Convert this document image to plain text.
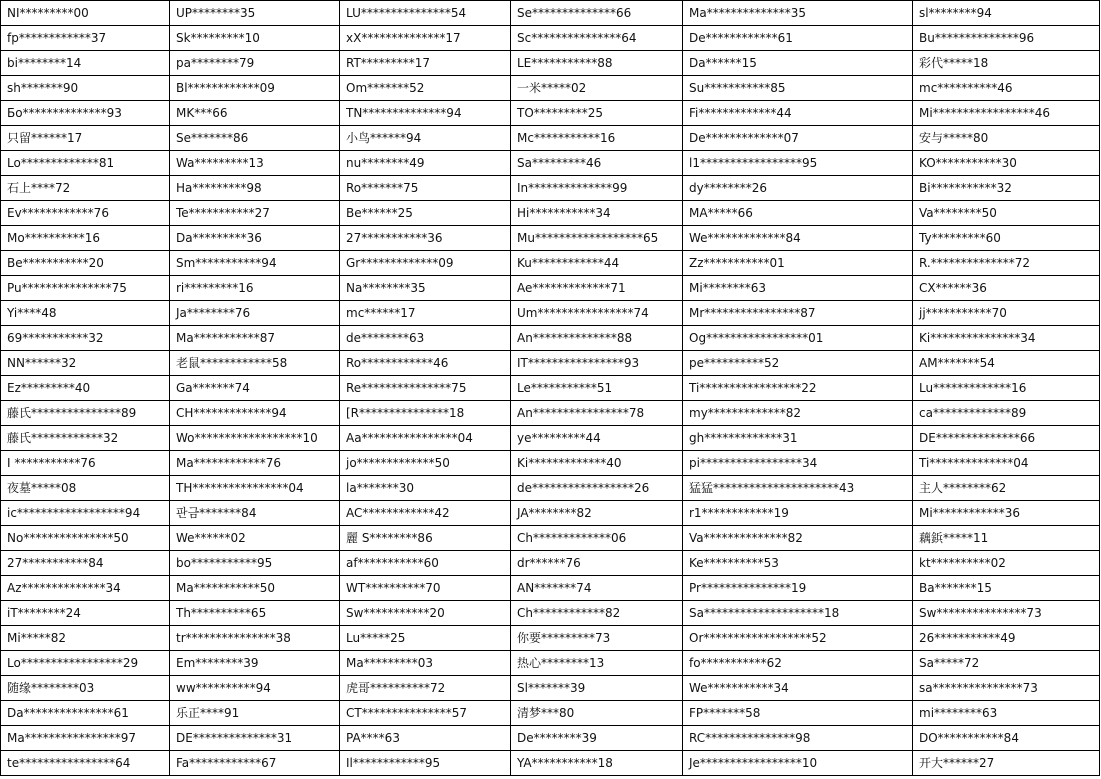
NI*********00	UP********35	LU***************54	Se**************66	Ma**************35	sl********94
fp************37	Sk*********10	xX**************17	Sc***************64	De************61	Bu**************96
bi********14	pa********79	RT*********17	LE***********88	Da******15	彩代*****18
sh*******90	Bl************09	Om*******52	一米*****02	Su***********85	mc**********46
Бo**************93	MK***66	TN**************94	TO*********25	Fi*************44	Mi*****************46
只留******17	Se*******86	小鸟******94	Mc***********16	De*************07	安与*****80
Lo*************81	Wa*********13	nu********49	Sa*********46	l1*****************95	KO***********30
石上****72	Ha*********98	Ro*******75	In**************99	dy********26	Bi***********32
Ev************76	Te***********27	Be******25	Hi***********34	MA*****66	Va********50
Mo**********16	Da*********36	27***********36	Mu******************65	We*************84	Ty*********60
Be***********20	Sm***********94	Gr*************09	Ku************44	Zz***********01	R.**************72
Pu***************75	ri*********16	Na********35	Ae*************71	Mi********63	CX******36
Yi****48	Ja********76	mc******17	Um****************74	Mr****************87	jj***********70
69***********32	Ma***********87	de********63	An**************88	Og*****************01	Ki***************34
NN******32	老鼠************58	Ro************46	IT****************93	pe**********52	AM*******54
Ez*********40	Ga*******74	Re***************75	Le***********51	Ti*****************22	Lu*************16
藤氏***************89	CH*************94	[R***************18	An****************78	my*************82	ca*************89
藤氏************32	Wo******************10	Aa****************04	ye*********44	gh*************31	DE**************66
I ***********76	Ma************76	jo*************50	Ki*************40	pi*****************34	Ti**************04
夜墓*****08	TH****************04	la*******30	de*****************26	猛猛*********************43	主人********62
ic******************94	판금*******84	AC************42	JA********82	r1************19	Mi************36
No***************50	We******02	麗 S********86	Ch*************06	Va**************82	藕鋲*****11
27***********84	bo***********95	af***********60	dr******76	Ke**********53	kt**********02
Az**************34	Ma***********50	WT**********70	AN*******74	Pr***************19	Ba*******15
iT********24	Th**********65	Sw***********20	Ch************82	Sa********************18	Sw***************73
Mi*****82	tr***************38	Lu*****25	你要*********73	Or******************52	26***********49
Lo*****************29	Em********39	Ma*********03	热心********13	fo***********62	Sa*****72
随缘********03	ww**********94	虎哥**********72	Sl*******39	We***********34	sa***************73
Da***************61	乐正****91	CT***************57	清梦***80	FP*******58	mi********63
Ma****************97	DE**************31	PA****63	De********39	RC***************98	DO***********84
te****************64	Fa************67	Il************95	YA***********18	Je*****************10	开大******27
